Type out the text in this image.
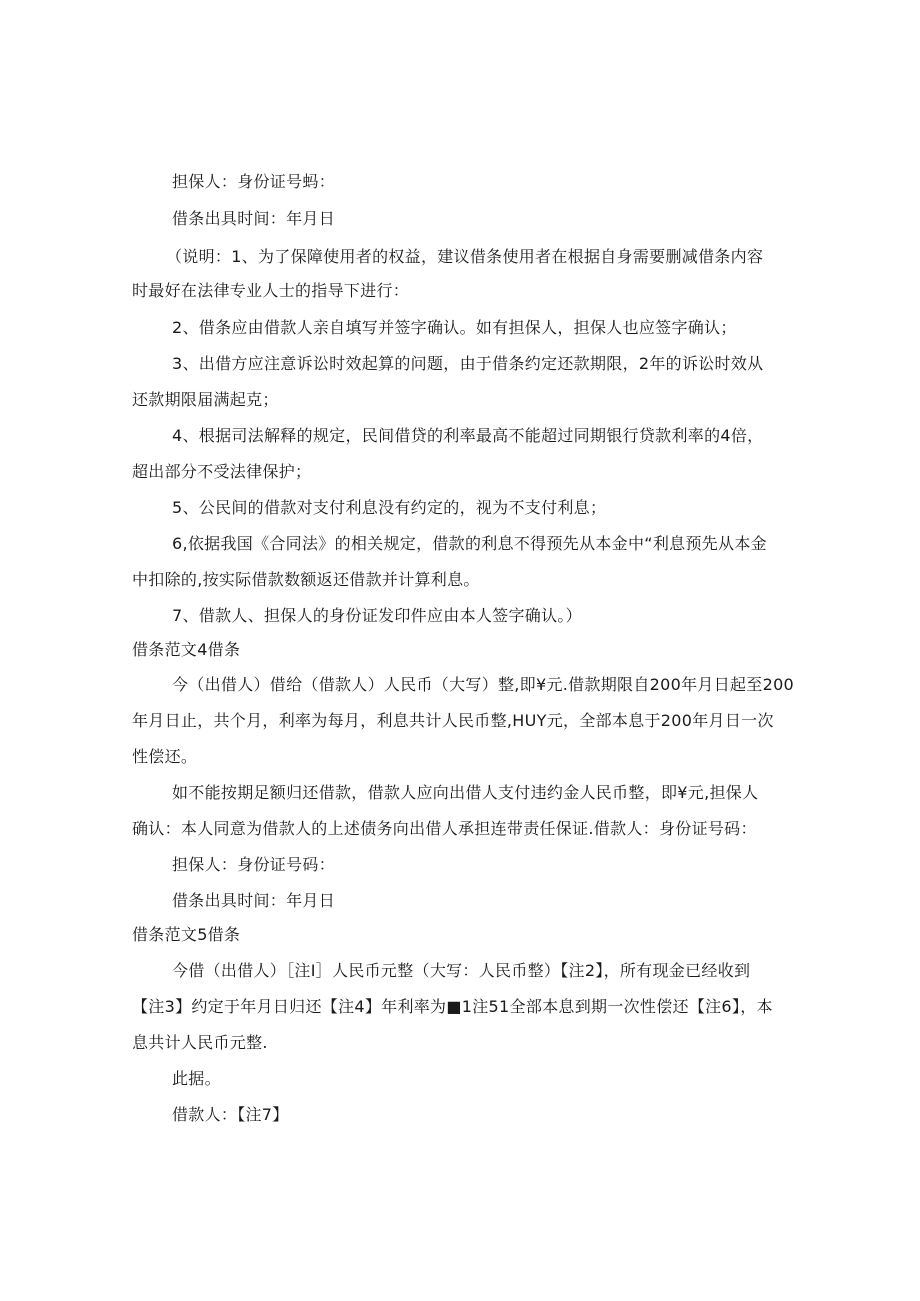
担保人：身份证号蚂：
借条出具时间：年月日
（说明：1、为了保障使用者的权益，建议借条使用者在根据自身需要删减借条内容
时最好在法律专业人士的指导下进行：
2、借条应由借款人亲自填写并签字确认。如有担保人，担保人也应签字确认；
3、出借方应注意诉讼时效起算的问题，由于借条约定还款期限，2年的诉讼时效从
还款期限届满起克；
4、根据司法解释的规定，民间借贷的利率最高不能超过同期银行贷款利率的4倍，
超出部分不受法律保护；
5、公民间的借款对支付利息没有约定的，视为不支付利息；
6,依据我国《合同法》的相关规定，借款的利息不得预先从本金中“利息预先从本金
中扣除的,按实际借款数额返还借款并计算利息。
7、借款人、担保人的身份证发印件应由本人签字确认。）
借条范文4借条
今（出借人）借给（借款人）人民币（大写）整,即¥元.借款期限自200年月日起至200
年月日止，共个月，利率为每月，利息共计人民币整,HUY元，全部本息于200年月日一次
性偿还。
如不能按期足额归还借款，借款人应向出借人支付违约金人民币整，即¥元,担保人
确认：本人同意为借款人的上述债务向出借人承担连带责任保证.借款人：身份证号码：
担保人：身份证号码：
借条出具时间：年月日
借条范文5借条
今借（出借人）［注I］人民币元整（大写：人民币整）【注2】，所有现金已经收到
【注3】约定于年月日归还【注4】年利率为■1注51全部本息到期一次性偿还【注6】，本
息共计人民币元整.
此据。
借款人：【注7】
